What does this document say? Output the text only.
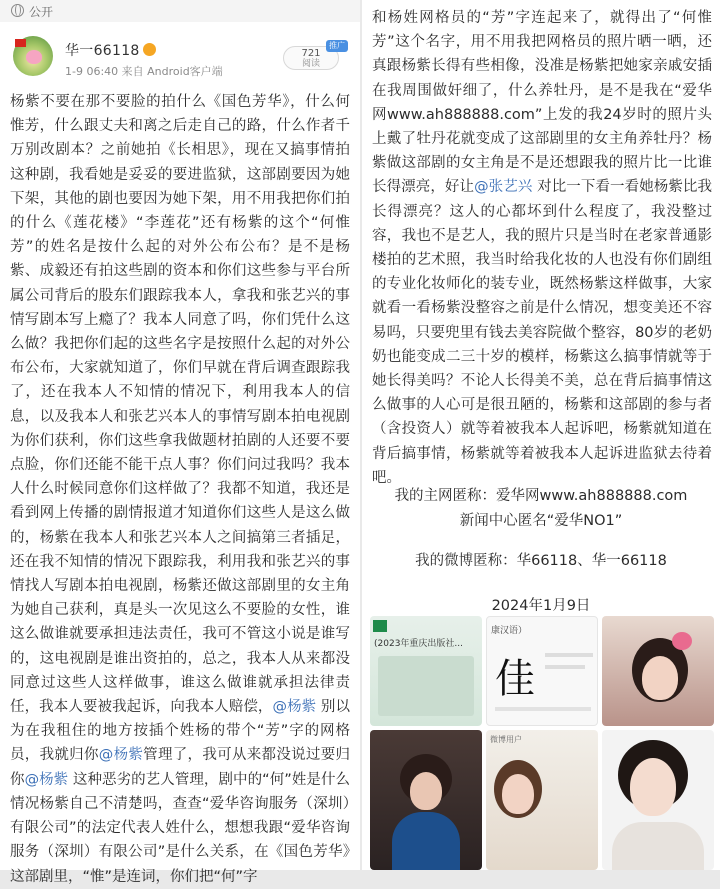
公开
华一66118
1-9 06:40 来自 Android客户端
721
阅读
推广
杨紫不要在那不要脸的拍什么《国色芳华》，什么何惟芳，什么跟丈夫和离之后走自己的路，什么作者千万别改剧本？之前她拍《长相思》，现在又搞事情拍这种剧，我看她是妥妥的要进监狱，这部剧要因为她下架，其他的剧也要因为她下架，用不用我把你们拍的什么《莲花楼》“李莲花”还有杨紫的这个“何惟芳”的姓名是按什么起的对外公布公布？是不是杨紫、成毅还有拍这些剧的资本和你们这些参与平台所属公司背后的股东们跟踪我本人，拿我和张艺兴的事情写剧本写上瘾了？我本人同意了吗，你们凭什么这么做？我把你们起的这些名字是按照什么起的对外公布公布，大家就知道了，你们早就在背后调查跟踪我了，还在我本人不知情的情况下，利用我本人的信息，以及我本人和张艺兴本人的事情写剧本拍电视剧为你们获利，你们这些拿我做题材拍剧的人还要不要点脸，你们还能不能干点人事？你们问过我吗？我本人什么时候同意你们这样做了？我都不知道，我还是看到网上传播的剧情报道才知道你们这些人是这么做的，杨紫在我本人和张艺兴本人之间搞第三者插足，还在我不知情的情况下跟踪我，利用我和张艺兴的事情找人写剧本拍电视剧，杨紫还做这部剧里的女主角为她自己获利，真是头一次见这么不要脸的女性，谁这么做谁就要承担违法责任，我可不管这小说是谁写的，这电视剧是谁出资拍的，总之，我本人从来都没同意过这些人这样做事，谁这么做谁就承担法律责任，我本人要被我起诉，向我本人赔偿，@杨紫 别以为在我租住的地方按插个姓杨的带个“芳”字的网格员，我就归你@杨紫管理了，我可从来都没说过要归你@杨紫 这种恶劣的艺人管理，剧中的“何”姓是什么情况杨紫自己不清楚吗，查查“爱华咨询服务（深圳）有限公司”的法定代表人姓什么，想想我跟“爱华咨询服务（深圳）有限公司”是什么关系，在《国色芳华》这部剧里，“惟”是连词，你们把“何”字
和杨姓网格员的“芳”字连起来了，就得出了“何惟芳”这个名字，用不用我把网格员的照片晒一晒，还真跟杨紫长得有些相像，没准是杨紫把她家亲戚安插在我周围做奸细了，什么养牡丹，是不是我在“爱华网www.ah888888.com”上发的我24岁时的照片头上戴了牡丹花就变成了这部剧里的女主角养牡丹？杨紫做这部剧的女主角是不是还想跟我的照片比一比谁长得漂亮，好让@张艺兴 对比一下看一看她杨紫比我长得漂亮？这人的心都坏到什么程度了，我没整过容，我也不是艺人，我的照片只是当时在老家普通影楼拍的艺术照，我当时给我化妆的人也没有你们剧组的专业化妆师化的装专业，既然杨紫这样做事，大家就看一看杨紫没整容之前是什么情况，想变美还不容易吗，只要兜里有钱去美容院做个整容，80岁的老奶奶也能变成二三十岁的模样，杨紫这么搞事情就等于她长得美吗？不论人长得美不美，总在背后搞事情这么做事的人心可是很丑陋的，杨紫和这部剧的参与者（含投资人）就等着被我本人起诉吧，杨紫就知道在背后搞事情，杨紫就等着被我本人起诉进监狱去待着吧。
我的主网匿称：爱华网www.ah888888.com
新闻中心匿名“爱华NO1”
我的微博匿称：华66118、华一66118
2024年1月9日
(2023年重庆出版社...
康汉语）
佳
微博用户
